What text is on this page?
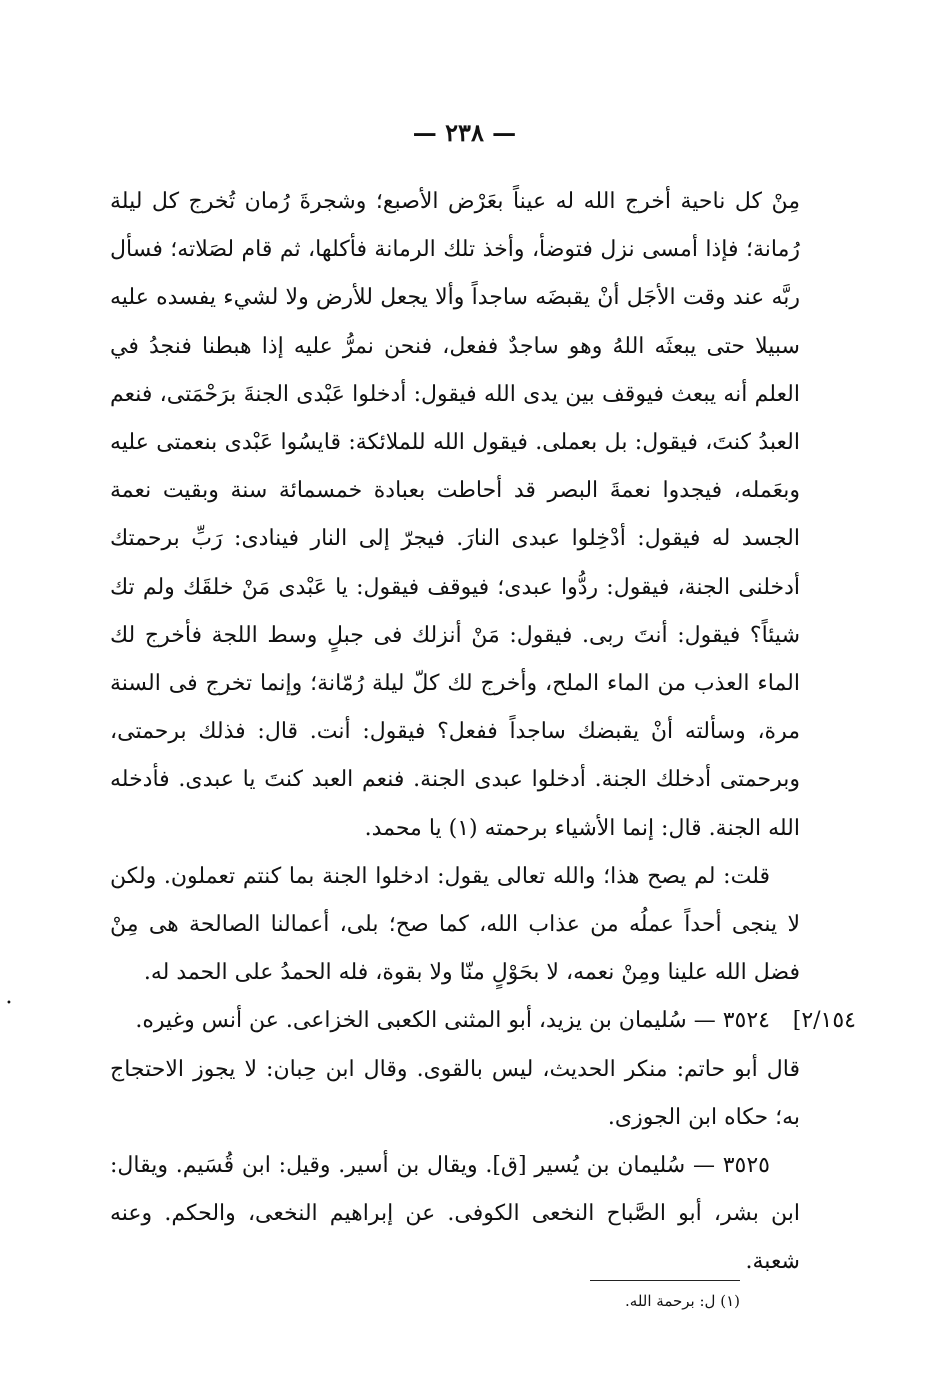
— ٢٣٨ —

مِنْ كل ناحية أخرج الله له عيناً بعَرْض الأصبع؛ وشجرةَ رُمان تُخرج كل ليلة رُمانة؛ فإذا أمسى نزل فتوضأ، وأخذ تلك الرمانة فأكلها، ثم قام لصَلاته؛ فسأل ربَّه عند وقت الأجَل أنْ يقبضَه ساجداً وألا يجعل للأرض ولا لشيء يفسده عليه سبيلا حتى يبعثَه اللهُ وهو ساجدٌ ففعل، فنحن نمرُّ عليه إذا هبطنا فنجدُ في العلم أنه يبعث فيوقف بين يدى الله فيقول: أدخلوا عَبْدى الجنةَ برَحْمَتى، فنعم العبدُ كنتَ، فيقول: بل بعملى. فيقول الله للملائكة: قايسُوا عَبْدى بنعمتى عليه وبعَمله، فيجدوا نعمةَ البصر قد أحاطت بعبادة خمسمائة سنة وبقيت نعمة الجسد له فيقول: أدْخِلوا عبدى النارَ. فيجرّ إلى النار فينادى: رَبِّ برحمتك أدخلنى الجنة، فيقول: ردُّوا عبدى؛ فيوقف فيقول: يا عَبْدى مَنْ خلقَك ولم تك شيئاً؟ فيقول: أنتَ ربى. فيقول: مَنْ أنزلك فى جبلٍ وسط اللجة فأخرج لك الماء العذب من الماء الملح، وأخرج لك كلّ ليلة رُمّانة؛ وإنما تخرج فى السنة مرة، وسألته أنْ يقبضك ساجداً ففعل؟ فيقول: أنت. قال: فذلك برحمتى، وبرحمتى أدخلك الجنة. أدخلوا عبدى الجنة. فنعم العبد كنتَ يا عبدى. فأدخله الله الجنة. قال: إنما الأشياء برحمته (١) يا محمد.

قلت: لم يصح هذا؛ والله تعالى يقول: ادخلوا الجنة بما كنتم تعملون. ولكن لا ينجى أحداً عملُه من عذاب الله، كما صح؛ بلى، أعمالنا الصالحة هى مِنْ فضل الله علينا ومِنْ نعمه، لا بحَوْلٍ منّا ولا بقوة، فله الحمدُ على الحمد له.

[٢/١٥٤

٣٥٢٤ — سُليمان بن يزيد، أبو المثنى الكعبى الخزاعى. عن أنس وغيره.

قال أبو حاتم: منكر الحديث، ليس بالقوى. وقال ابن حِبان: لا يجوز الاحتجاج به؛ حكاه ابن الجوزى.

٣٥٢٥ — سُليمان بن يُسير [ق]. ويقال بن أسير. وقيل: ابن قُسَيم. ويقال: ابن بشر، أبو الصَّباح النخعى الكوفى. عن إبراهيم النخعى، والحكم. وعنه شعبة.

(١) ل: برحمة الله.
•
